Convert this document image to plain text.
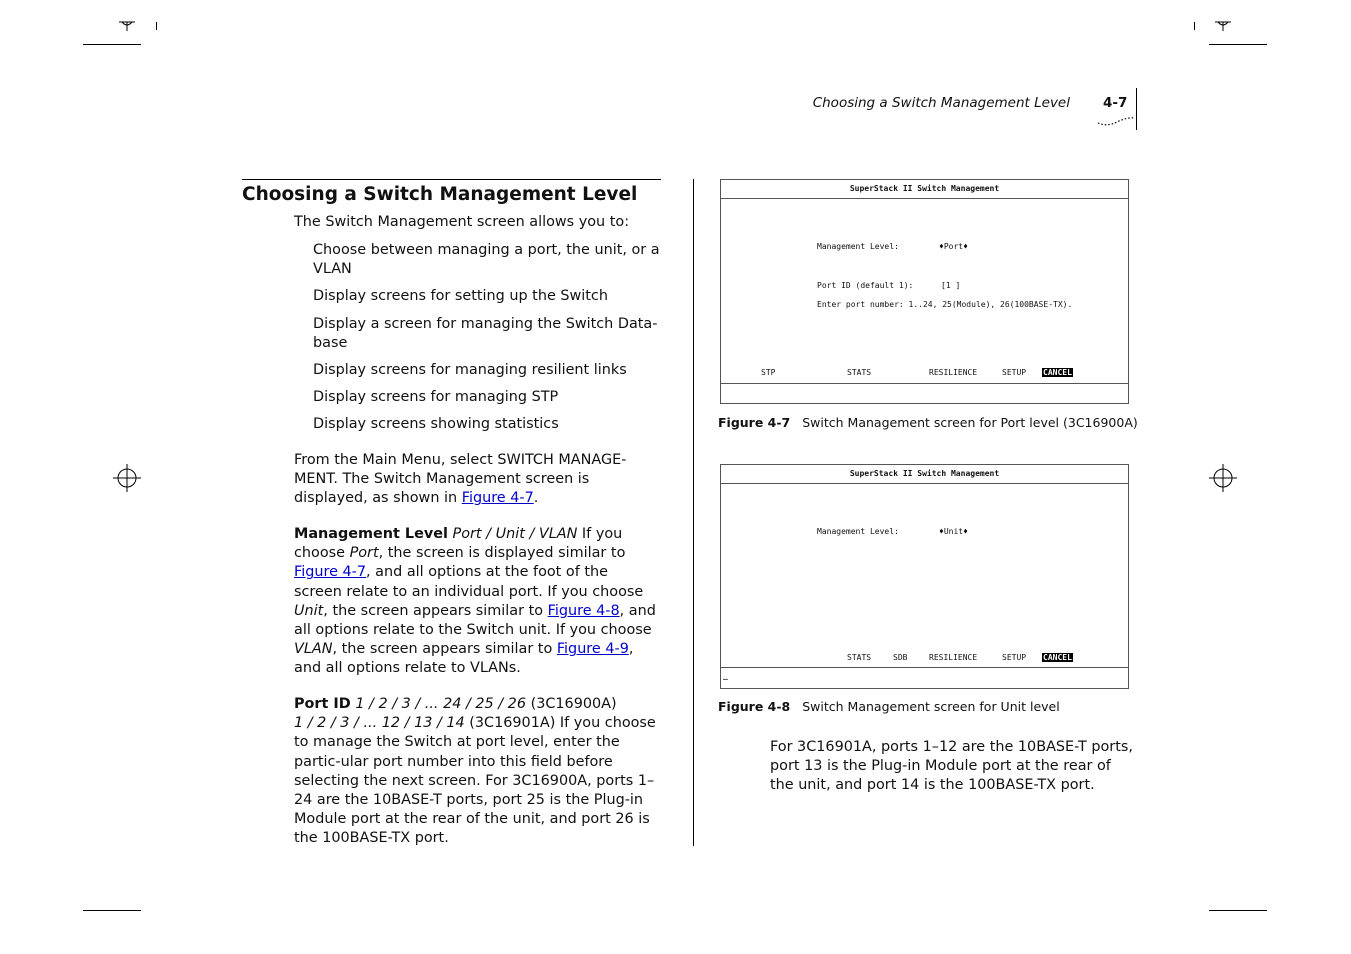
Choosing a Switch Management Level 4-7
Choosing a Switch Management Level
The Switch Management screen allows you to:
Choose between managing a port, the unit, or a VLAN
Display screens for setting up the Switch
Display a screen for managing the Switch Data-base
Display screens for managing resilient links
Display screens for managing STP
Display screens showing statistics
From the Main Menu, select SWITCH MANAGE-MENT. The Switch Management screen is displayed, as shown in Figure 4-7.
Management Level Port / Unit / VLAN If you choose Port, the screen is displayed similar to Figure 4-7, and all options at the foot of the screen relate to an individual port. If you choose Unit, the screen appears similar to Figure 4-8, and all options relate to the Switch unit. If you choose VLAN, the screen appears similar to Figure 4-9, and all options relate to VLANs.
Port ID 1 / 2 / 3 / ... 24 / 25 / 26 (3C16900A)
1 / 2 / 3 / ... 12 / 13 / 14 (3C16901A) If you choose to manage the Switch at port level, enter the partic-ular port number into this field before selecting the next screen. For 3C16900A, ports 1–24 are the 10BASE-T ports, port 25 is the Plug-in Module port at the rear of the unit, and port 26 is the 100BASE-TX port.
SuperStack II Switch Management
Management Level:	♦Port♦
Port ID (default 1):	[1 ]
Enter port number: 1..24, 25(Module), 26(100BASE-TX).
STP	STATS	RESILIENCE	SETUP CANCEL
Figure 4-7 Switch Management screen for Port level (3C16900A)
SuperStack II Switch Management
Management Level:	♦Unit♦
STATS	SDB	RESILIENCE	SETUP CANCEL
_
Figure 4-8 Switch Management screen for Unit level
For 3C16901A, ports 1–12 are the 10BASE-T ports, port 13 is the Plug-in Module port at the rear of the unit, and port 14 is the 100BASE-TX port.
